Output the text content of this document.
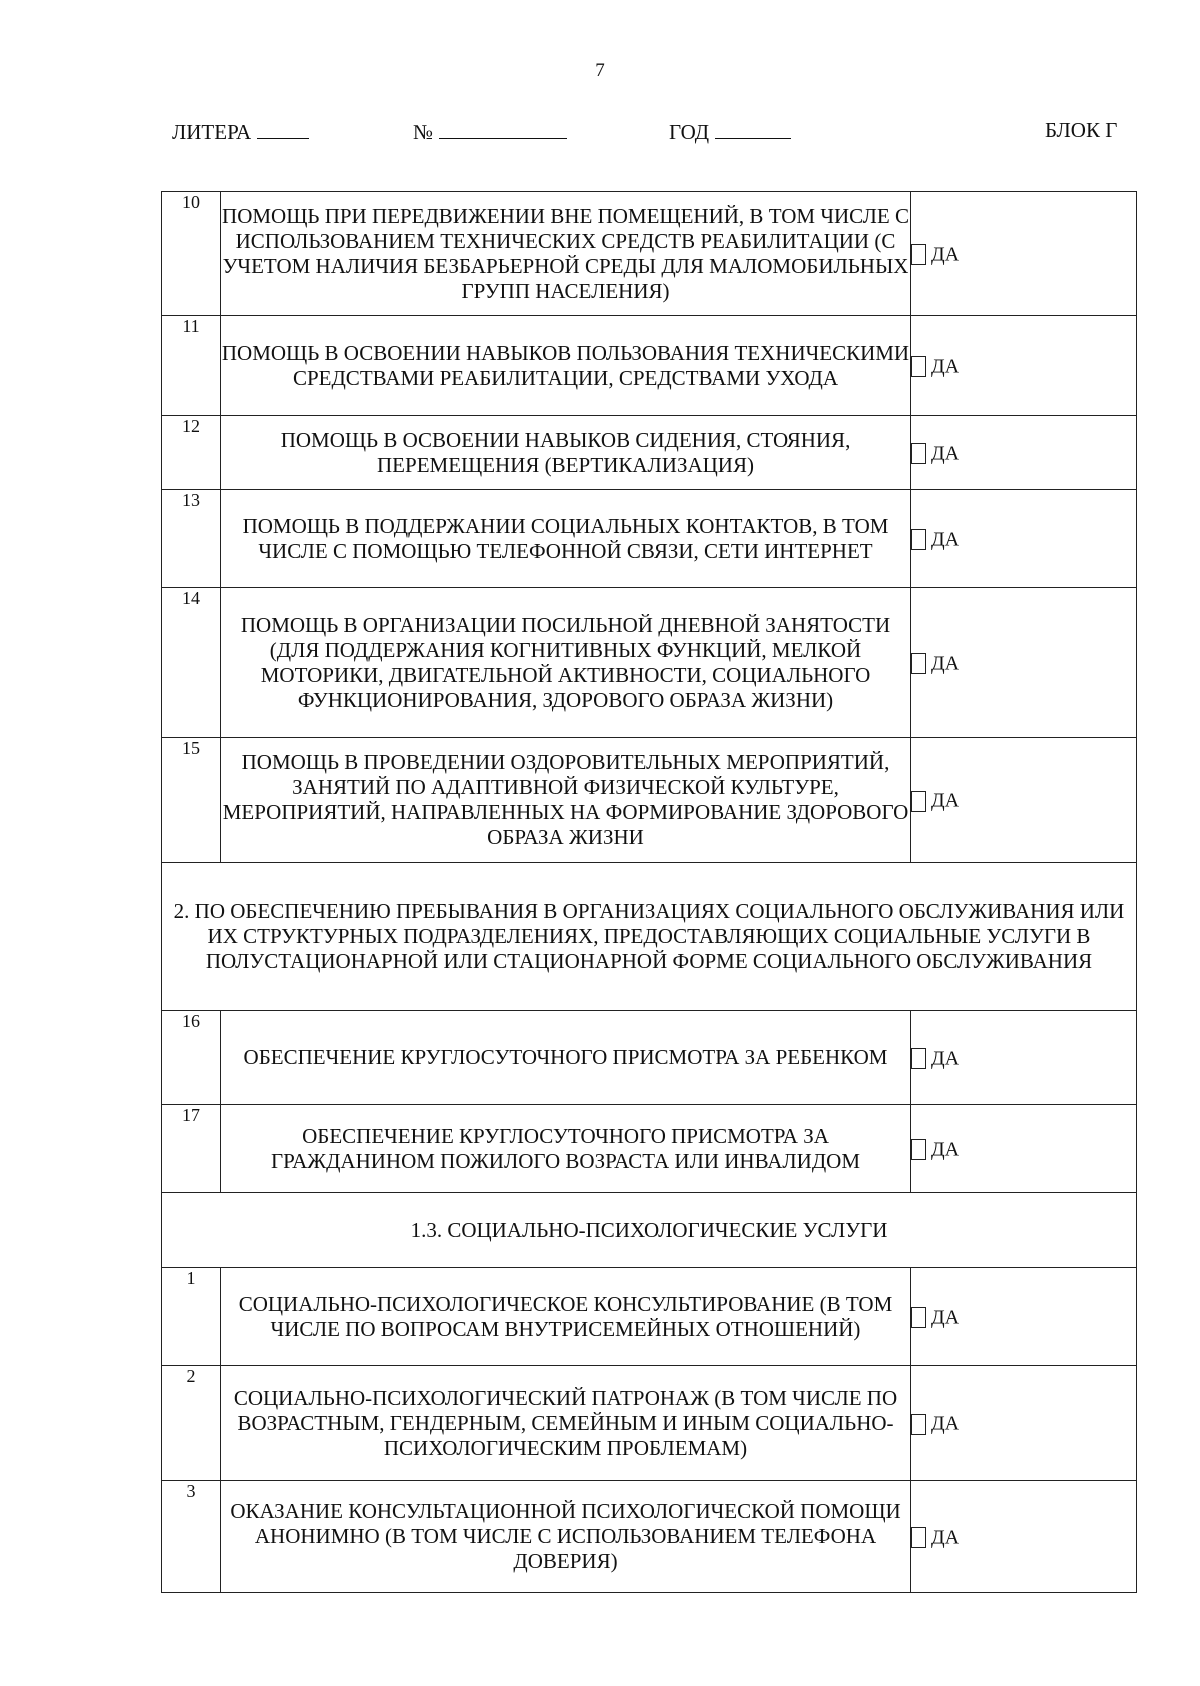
7
ЛИТЕРА	№	ГОД	БЛОК Г
10	ПОМОЩЬ ПРИ ПЕРЕДВИЖЕНИИ ВНЕ ПОМЕЩЕНИЙ, В ТОМ ЧИСЛЕ С ИСПОЛЬЗОВАНИЕМ ТЕХНИЧЕСКИХ СРЕДСТВ РЕАБИЛИТАЦИИ (С УЧЕТОМ НАЛИЧИЯ БЕЗБАРЬЕРНОЙ СРЕДЫ ДЛЯ МАЛОМОБИЛЬНЫХ ГРУПП НАСЕЛЕНИЯ)	ДА
11	ПОМОЩЬ В ОСВОЕНИИ НАВЫКОВ ПОЛЬЗОВАНИЯ ТЕХНИЧЕСКИМИ СРЕДСТВАМИ РЕАБИЛИТАЦИИ, СРЕДСТВАМИ УХОДА	ДА
12	ПОМОЩЬ В ОСВОЕНИИ НАВЫКОВ СИДЕНИЯ, СТОЯНИЯ, ПЕРЕМЕЩЕНИЯ (ВЕРТИКАЛИЗАЦИЯ)	ДА
13	ПОМОЩЬ В ПОДДЕРЖАНИИ СОЦИАЛЬНЫХ КОНТАКТОВ, В ТОМ ЧИСЛЕ С ПОМОЩЬЮ ТЕЛЕФОННОЙ СВЯЗИ, СЕТИ ИНТЕРНЕТ	ДА
14	ПОМОЩЬ В ОРГАНИЗАЦИИ ПОСИЛЬНОЙ ДНЕВНОЙ ЗАНЯТОСТИ (ДЛЯ ПОДДЕРЖАНИЯ КОГНИТИВНЫХ ФУНКЦИЙ, МЕЛКОЙ МОТОРИКИ, ДВИГАТЕЛЬНОЙ АКТИВНОСТИ, СОЦИАЛЬНОГО ФУНКЦИОНИРОВАНИЯ, ЗДОРОВОГО ОБРАЗА ЖИЗНИ)	ДА
15	ПОМОЩЬ В ПРОВЕДЕНИИ ОЗДОРОВИТЕЛЬНЫХ МЕРОПРИЯТИЙ, ЗАНЯТИЙ ПО АДАПТИВНОЙ ФИЗИЧЕСКОЙ КУЛЬТУРЕ, МЕРОПРИЯТИЙ, НАПРАВЛЕННЫХ НА ФОРМИРОВАНИЕ ЗДОРОВОГО ОБРАЗА ЖИЗНИ	ДА
2. ПО ОБЕСПЕЧЕНИЮ ПРЕБЫВАНИЯ В ОРГАНИЗАЦИЯХ СОЦИАЛЬНОГО ОБСЛУЖИВАНИЯ ИЛИ ИХ СТРУКТУРНЫХ ПОДРАЗДЕЛЕНИЯХ, ПРЕДОСТАВЛЯЮЩИХ СОЦИАЛЬНЫЕ УСЛУГИ В ПОЛУСТАЦИОНАРНОЙ ИЛИ СТАЦИОНАРНОЙ ФОРМЕ СОЦИАЛЬНОГО ОБСЛУЖИВАНИЯ		
16	ОБЕСПЕЧЕНИЕ КРУГЛОСУТОЧНОГО ПРИСМОТРА ЗА РЕБЕНКОМ	ДА
17	ОБЕСПЕЧЕНИЕ КРУГЛОСУТОЧНОГО ПРИСМОТРА ЗА ГРАЖДАНИНОМ ПОЖИЛОГО ВОЗРАСТА ИЛИ ИНВАЛИДОМ	ДА
1.3. СОЦИАЛЬНО-ПСИХОЛОГИЧЕСКИЕ УСЛУГИ		
1	СОЦИАЛЬНО-ПСИХОЛОГИЧЕСКОЕ КОНСУЛЬТИРОВАНИЕ (В ТОМ ЧИСЛЕ ПО ВОПРОСАМ ВНУТРИСЕМЕЙНЫХ ОТНОШЕНИЙ)	ДА
2	СОЦИАЛЬНО-ПСИХОЛОГИЧЕСКИЙ ПАТРОНАЖ (В ТОМ ЧИСЛЕ ПО ВОЗРАСТНЫМ, ГЕНДЕРНЫМ, СЕМЕЙНЫМ И ИНЫМ СОЦИАЛЬНО-ПСИХОЛОГИЧЕСКИМ ПРОБЛЕМАМ)	ДА
3	ОКАЗАНИЕ КОНСУЛЬТАЦИОННОЙ ПСИХОЛОГИЧЕСКОЙ ПОМОЩИ АНОНИМНО (В ТОМ ЧИСЛЕ С ИСПОЛЬЗОВАНИЕМ ТЕЛЕФОНА ДОВЕРИЯ)	ДА
